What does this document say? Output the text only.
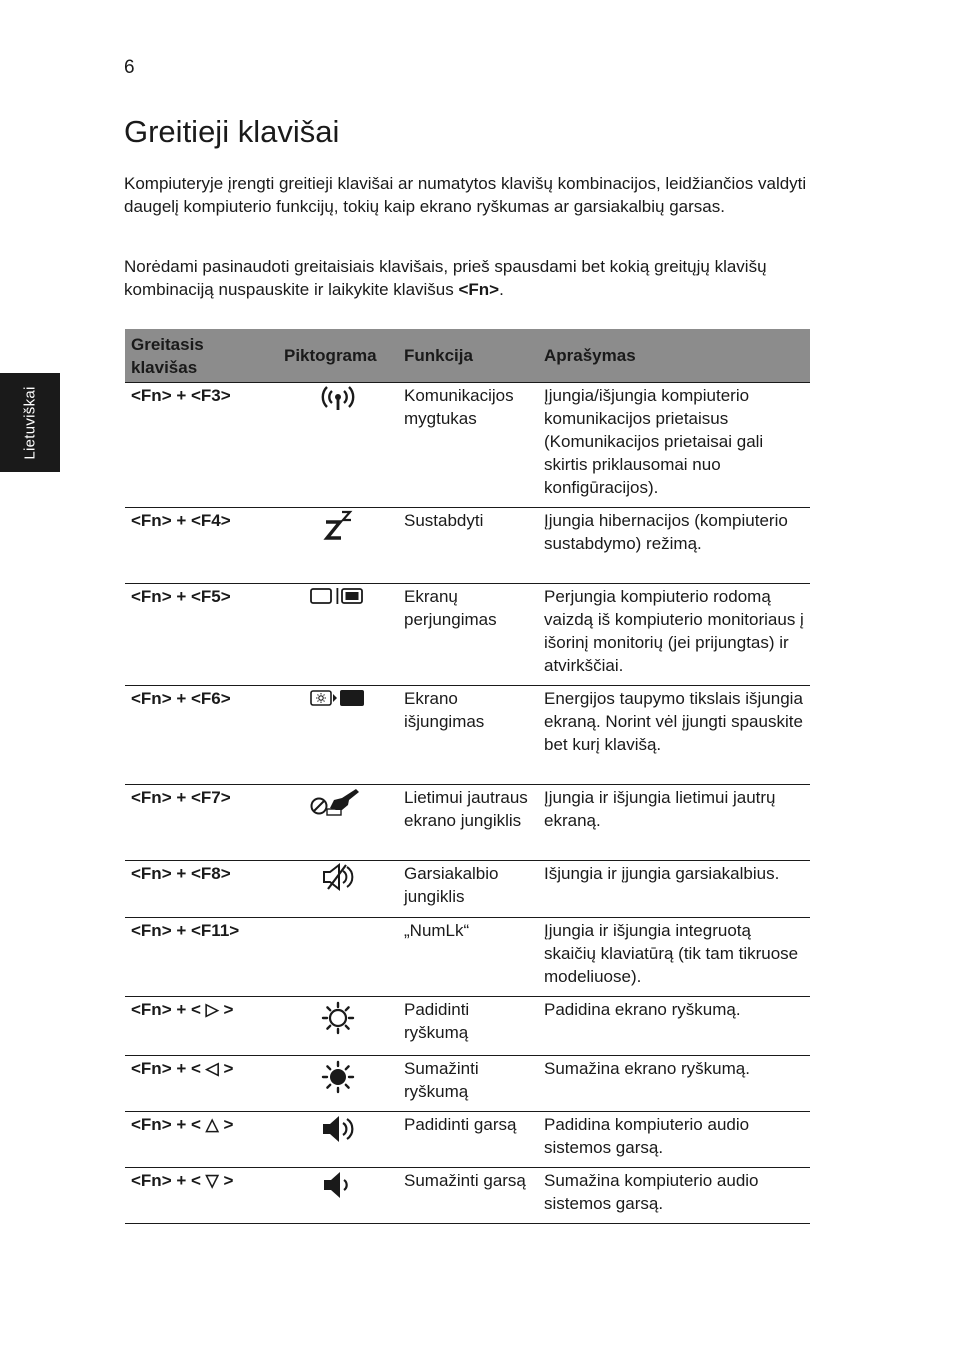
6
Lietuviškai
Greitieji klavišai

Kompiuteryje įrengti greitieji klavišai ar numatytos klavišų kombinacijos, leidžiančios valdyti daugelį kompiuterio funkcijų, tokių kaip ekrano ryškumas ar garsiakalbių garsas.

Norėdami pasinaudoti greitaisiais klavišais, prieš spausdami bet kokią greitųjų klavišų kombinaciją nuspauskite ir laikykite klavišus <Fn>.

Greitasis klavišas	Piktograma	Funkcija	Aprašymas
<Fn> + <F3>		Komunikacijos mygtukas	Įjungia/išjungia kompiuterio komunikacijos prietaisus (Komunikacijos prietaisai gali skirtis priklausomai nuo konfigūracijos).
<Fn> + <F4>		Sustabdyti	Įjungia hibernacijos (kompiuterio sustabdymo) režimą.
<Fn> + <F5>		Ekranų perjungimas	Perjungia kompiuterio rodomą vaizdą iš kompiuterio monitoriaus į išorinį monitorių (jei prijungtas) ir atvirkščiai.
<Fn> + <F6>		Ekrano išjungimas	Energijos taupymo tikslais išjungia ekraną. Norint vėl įjungti spauskite bet kurį klavišą.
<Fn> + <F7>		Lietimui jautraus ekrano jungiklis	Įjungia ir išjungia lietimui jautrų ekraną.
<Fn> + <F8>		Garsiakalbio jungiklis	Išjungia ir įjungia garsiakalbius.
<Fn> + <F11>		„NumLk“	Įjungia ir išjungia integruotą skaičių klaviatūrą (tik tam tikruose modeliuose).
<Fn> + < ▷ >		Padidinti ryškumą	Padidina ekrano ryškumą.
<Fn> + < ◁ >		Sumažinti ryškumą	Sumažina ekrano ryškumą.
<Fn> + < △ >		Padidinti garsą	Padidina kompiuterio audio sistemos garsą.
<Fn> + < ▽ >		Sumažinti garsą	Sumažina kompiuterio audio sistemos garsą.
